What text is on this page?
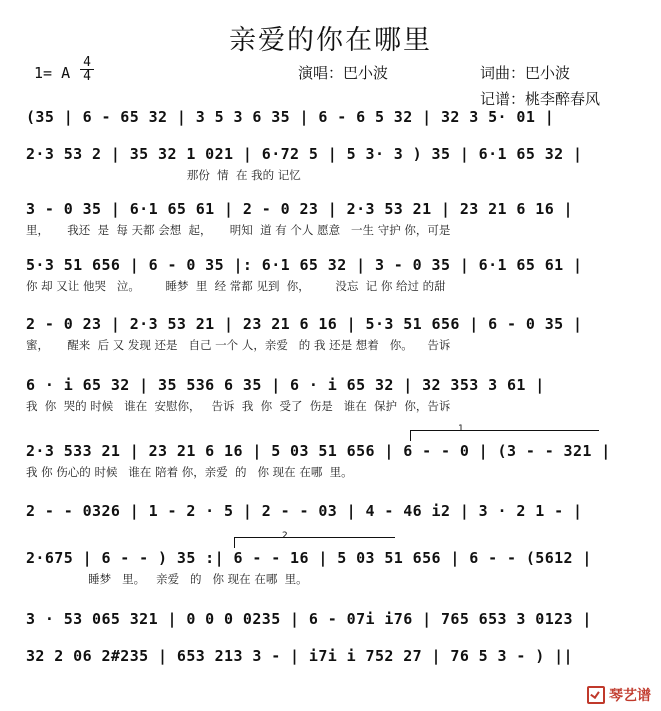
亲爱的你在哪里
1= A
4
4	演唱：巴小波	词曲：巴小波
记谱：桃李醉春风
(35 | 6 - 65 32 | 3 5 3 6 35 | 6 - 6 5 32 | 32 3 5· 01 |
2·3 53 2 | 35 32 1 021 | 6·72 5 | 5 3· 3 ) 35 | 6·1 65 32 |
那份  情  在 我的 记忆
3 - 0 35 | 6·1 65 61 | 2 - 0 23 | 2·3 53 21 | 23 21 6 16 |
里，     我还  是  每 天都 会想  起，     明知  道 有 个人 愿意   一生 守护 你，可是
5·3 51 656 | 6 - 0 35 |: 6·1 65 32 | 3 - 0 35 | 6·1 65 61 |
你 却 又让 他哭   泣。       睡梦  里  经 常都 见到  你，       没忘  记 你 给过 的甜
2 - 0 23 | 2·3 53 21 | 23 21 6 16 | 5·3 51 656 | 6 - 0 35 |
蜜，     醒来  后 又 发现 还是   自己 一个 人，亲爱   的 我 还是 想着   你。    告诉
6 · i 65 32 | 35 536 6 35 | 6 · i 65 32 | 32 353 3 61 |
我  你  哭的 时候   谁在  安慰你，   告诉  我  你  受了  伤是   谁在  保护  你，告诉
2·3 533 21 | 23 21 6 16 | 5 03 51 656 | 6 - - 0 | (3 - - 321 |
我 你 伤心的 时候   谁在 陪着 你，亲爱  的   你 现在 在哪  里。
1
2 - - 0326 | 1 - 2 · 5 | 2 - - 03 | 4 - 46 i2 | 3 · 2 1 - |
2·675 | 6 - - ) 35 :| 6 - - 16 | 5 03 51 656 | 6 - - (5612 |
睡梦   里。   亲爱   的   你 现在 在哪  里。
2
3 · 53 065 321 | 0 0 0 0235 | 6 - 07i i76 | 765 653 3 0123 |
32 2 06 2#235 | 653 213 3 - | i7i i 752 27 | 76 5 3 - ) ||
琴艺谱
